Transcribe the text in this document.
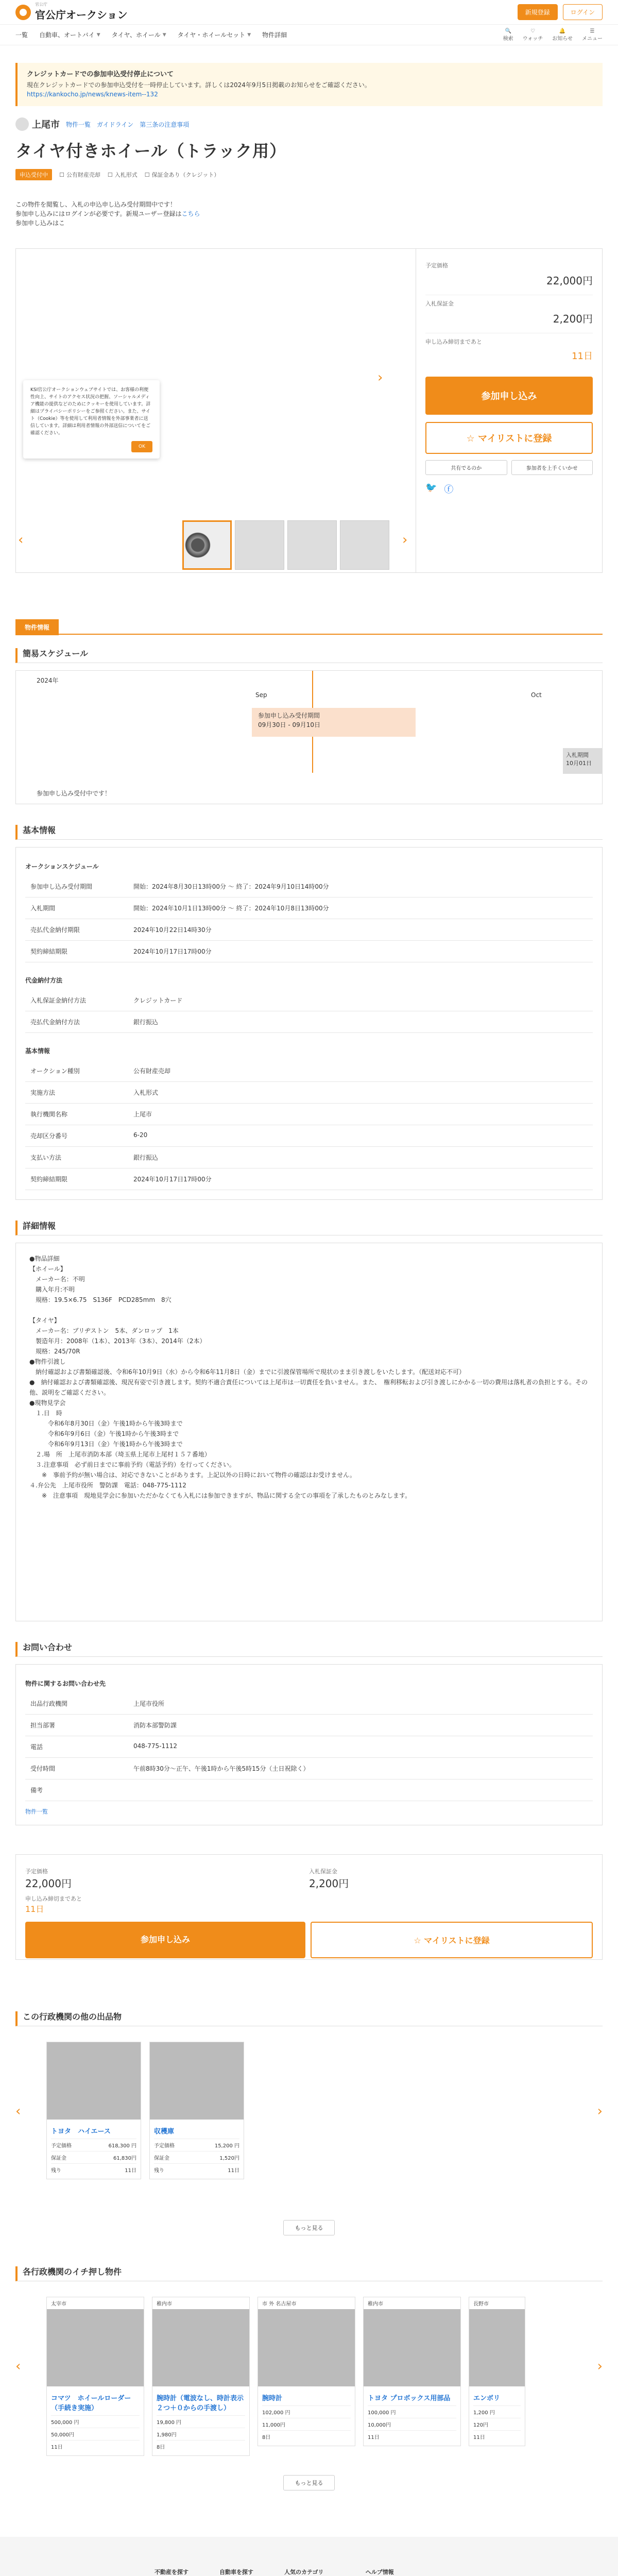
官公庁
官公庁オークション	新規登録	ログイン
一覧 自動車、オートバイ ▼ タイヤ、ホイール ▼ タイヤ・ホイールセット ▼ 物件詳細
🔍
検索
♡
ウォッチ
🔔
お知らせ
☰
メニュー
クレジットカードでの参加申込受付停止について
現在クレジットカードでの参加申込受付を一時停止しています。詳しくは2024年9月5日掲載のお知らせをご確認ください。
https://kankocho.jp/news/knews-item--132
上尾市 物件一覧 ガイドライン 第三条の注意事項
タイヤ付きホイール（トラック用）
申込受付中	☐ 公有財産売却 ☐ 入札形式 ☐ 保証金あり（クレジット）
この物件を閲覧し、入札の申込申し込み受付期間中です！
参加申し込みにはログインが必要です。新規ユーザー登録はこちら
参加申し込みはこ
›
‹	›
KSI官公庁オークションウェブサイトでは、お客様の利便性向上、サイトのアクセス状況の把握、ソーシャルメディア機能の提供などのためにクッキーを使用しています。詳細はプライバシーポリシーをご参照ください。また、サイト（Cookie）等を使用して利用者情報を外部事業者に送信しています。詳細は利用者情報の外部送信についてをご確認ください。
OK
予定価格
22,000円
入札保証金
2,200円
申し込み締切まであと
11日
参加申し込み
☆ マイリストに登録
共有でるのか	参加者を上手くいかせ
🐦 ⓕ
物件情報
簡易スケジュール
2024年
Sep	Oct
参加申し込み受付期間
09月30日 - 09月10日
入札期間
10月01日
参加申し込み受付中です！
基本情報
オークションスケジュール
参加申し込み受付期間	開始：2024年8月30日13時00分 ～ 終了：2024年9月10日14時00分
入札期間	開始：2024年10月1日13時00分 ～ 終了：2024年10月8日13時00分
売払代金納付期限	2024年10月22日14時30分
契約締結期限	2024年10月17日17時00分
代金納付方法
入札保証金納付方法	クレジットカード
売払代金納付方法	銀行振込
基本情報
オークション種別	公有財産売却
実施方法	入札形式
執行機関名称	上尾市
売却区分番号	6-20
支払い方法	銀行振込
契約締結期限	2024年10月17日17時00分
詳細情報
●物品詳細
【ホイール】
　メーカー名：不明
　購入年月:不明
　規格：19.5×6.75　S136F　PCD285mm　8穴
【タイヤ】
　メーカー名：ブリヂストン　5本、ダンロップ　1本
　製造年月：2008年（1本）、2013年（3本）、2014年（2本）
　規格：245/70R
●物件引渡し
　納付確認および書類確認後、令和6年10月9日（水）から令和6年11月8日（金）までに引渡保管場所で現状のまま引き渡しをいたします。（配送対応不可）
●　納付確認および書類確認後、現況有姿で引き渡します。契約不適合責任については上尾市は一切責任を負いません。また、　権利移転および引き渡しにかかる一切の費用は落札者の負担とする。その他、説明をご確認ください。
●現物見学会
　１.日　時
　　　令和6年8月30日（金）午後1時から午後3時まで
　　　令和6年9月6日（金）午後1時から午後3時まで
　　　令和6年9月13日（金）午後1時から午後3時まで
　２.場　所　上尾市消防本部（埼玉県上尾市上尾村１５７番地）
　３.注意事項　必ず前日までに事前予約（電話予約）を行ってください。
　　※　事前予約が無い場合は、対応できないことがあります。上記以外の日時において物件の確認はお受けません。
４.弁公先　上尾市役所　警防課　電話：048-775-1112
　　※　注意事項　現地見学会に参加いただかなくても入札には参加できますが、物品に関する全ての事項を了承したものとみなします。
お問い合わせ
物件に関するお問い合わせ先
出品行政機関	上尾市役所
担当部署	消防本部警防課
電話	048-775-1112
受付時間	午前8時30分～正午、午後1時から午後5時15分（土日祝除く）
備考
物件一覧
予定価格
22,000円
入札保証金
2,200円
申し込み締切まであと
11日
参加申し込み	☆ マイリストに登録
この行政機関の他の出品物
‹	›
トヨタ　ハイエース
予定価格	618,300 円
保証金	61,830円
残り	11日
収穫庫
予定価格	15,200 円
保証金	1,520円
残り	11日
もっと見る
各行政機関のイチ押し物件
‹	›
太宰市
コマツ　ホイールローダー（手続き実施）
500,000 円
50,000円
11日
稚内市
腕時計（電波なし、時計表示２つ＋０からの手渡し）
19,800 円
1,980円
8日
市 外 名古屋市
腕時計
102,000 円
11,000円
8日
稚内市
トヨタ プロボックス用部品
100,000 円
10,000円
11日
長野市
エンボリ
1,200 円
120円
11日
もっと見る
不動産を探す	自動車を探す	人気のカテゴリ	ヘルプ情報
